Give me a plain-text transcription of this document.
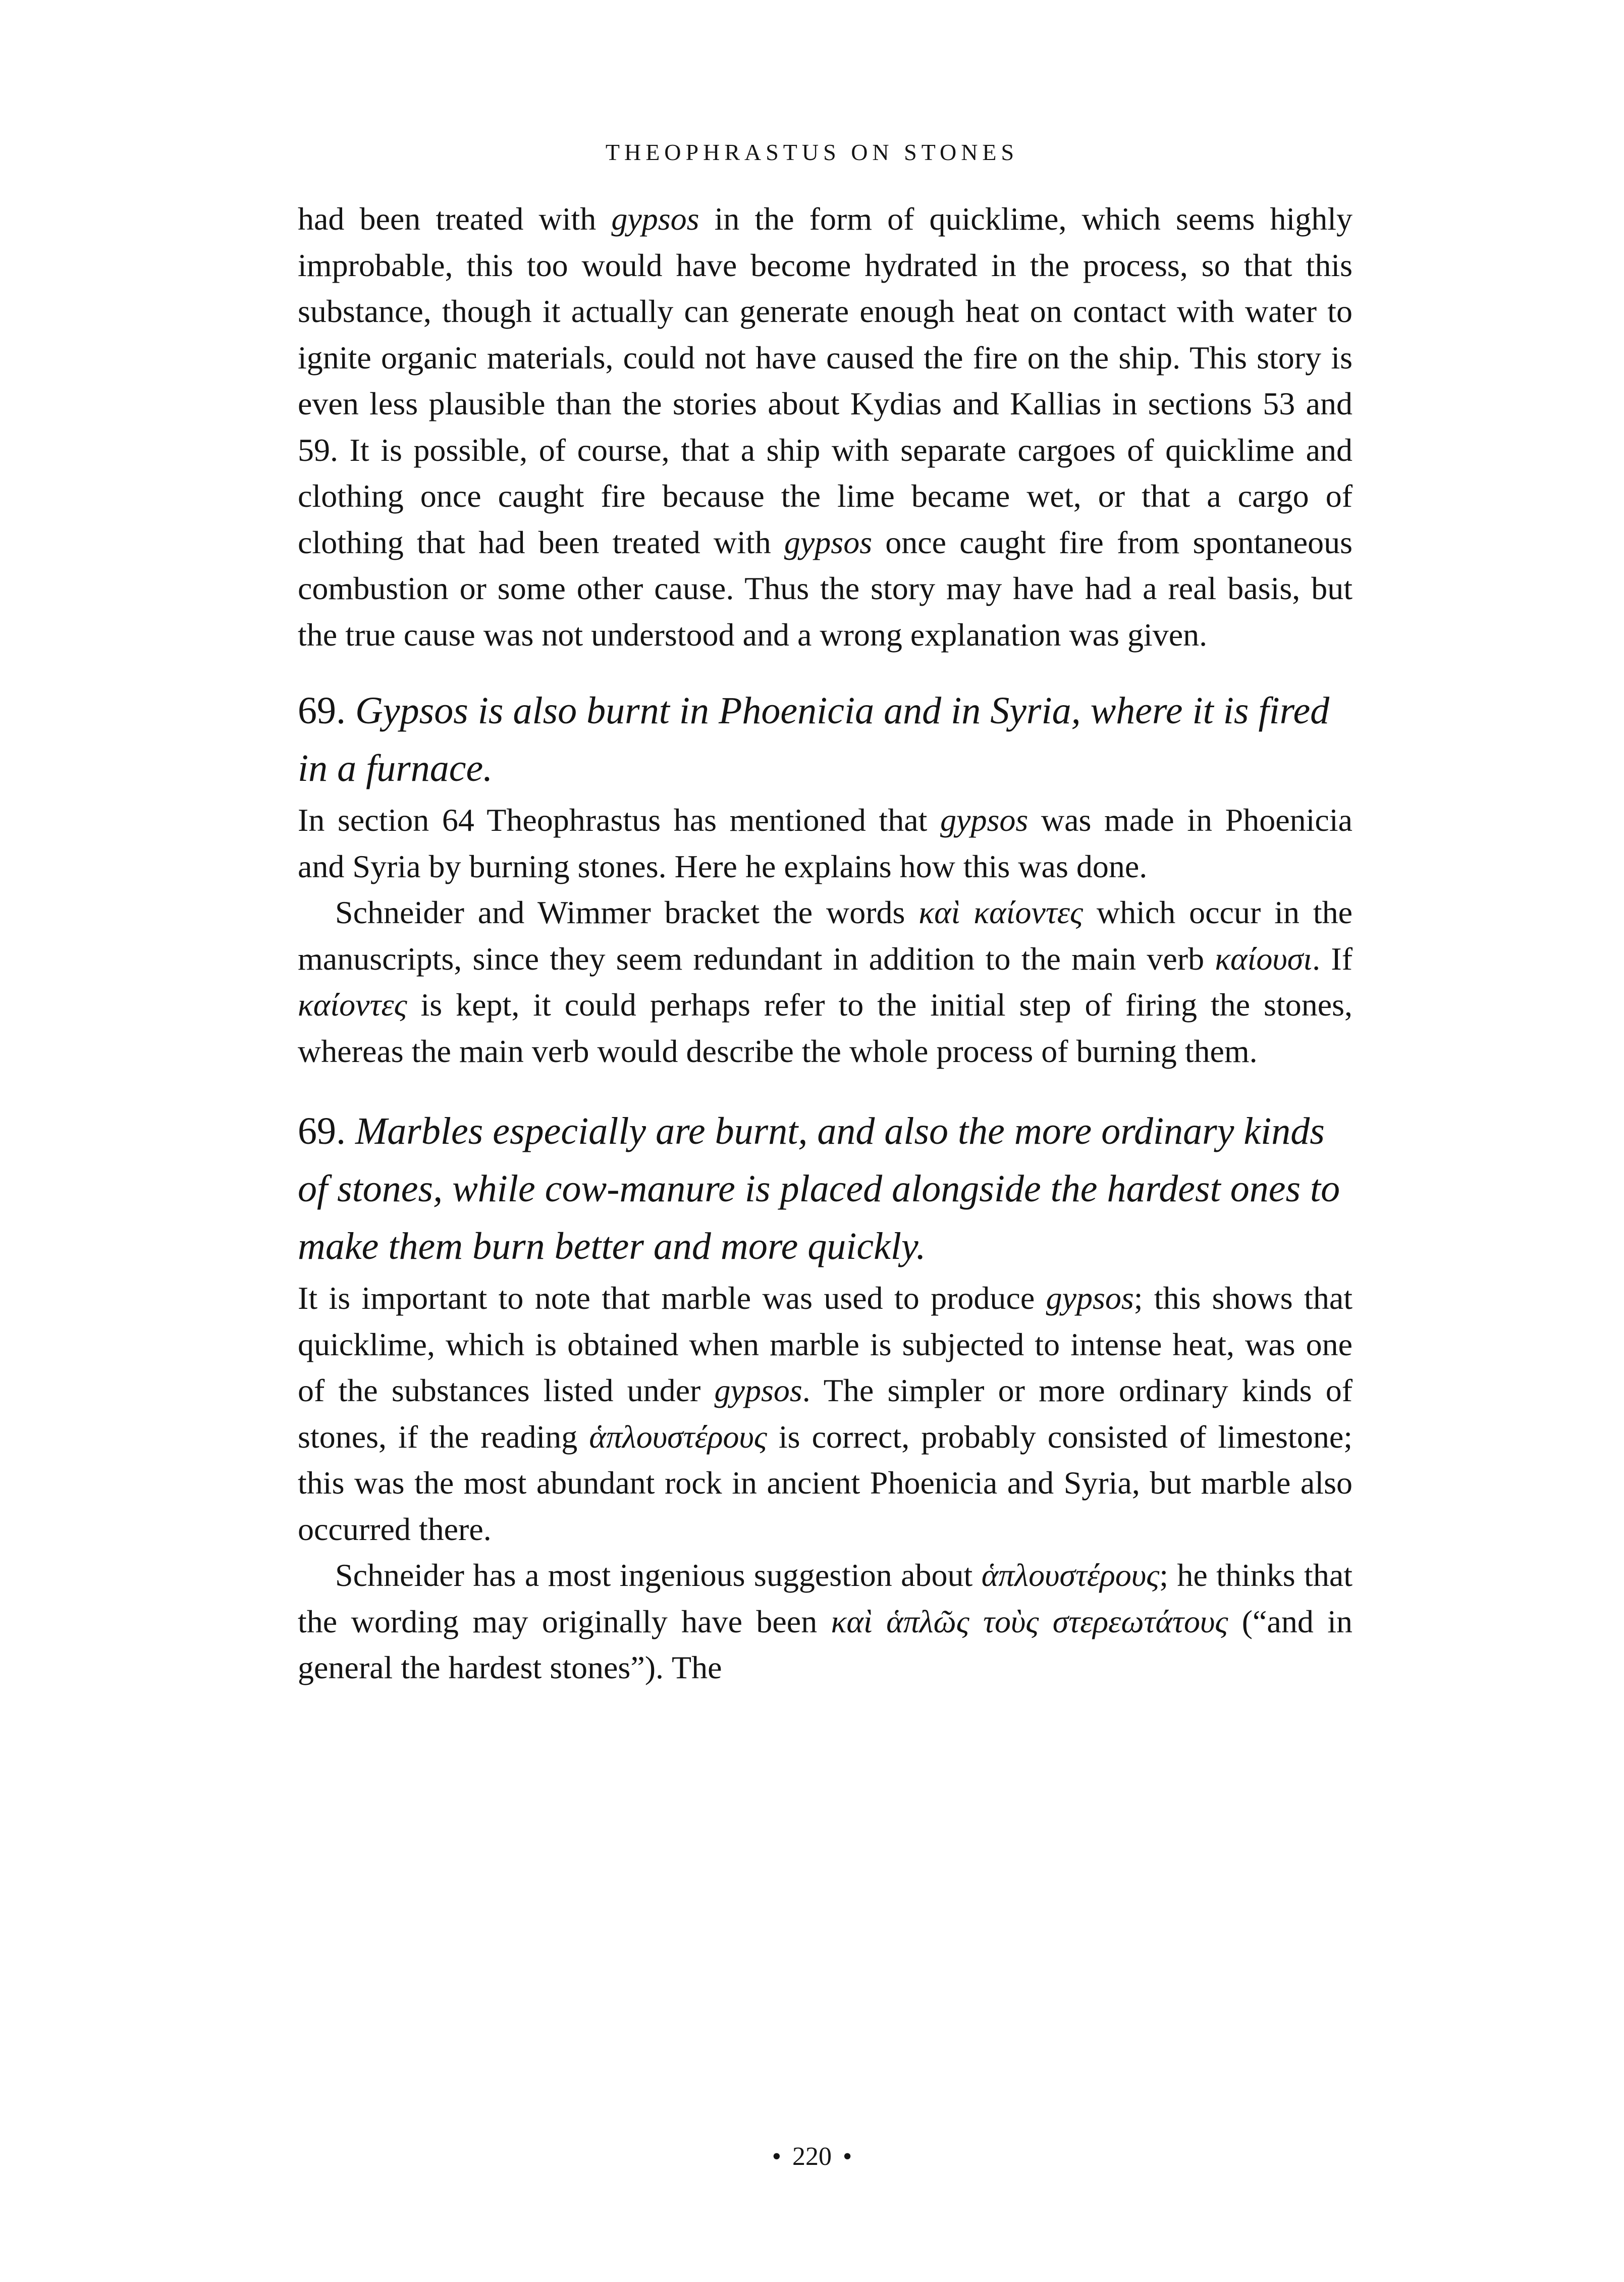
THEOPHRASTUS ON STONES

had been treated with gypsos in the form of quicklime, which seems highly improbable, this too would have become hydrated in the process, so that this substance, though it actually can generate enough heat on contact with water to ignite organic materials, could not have caused the fire on the ship. This story is even less plausible than the stories about Kydias and Kallias in sections 53 and 59. It is possible, of course, that a ship with separate cargoes of quicklime and clothing once caught fire because the lime became wet, or that a cargo of clothing that had been treated with gypsos once caught fire from spontaneous combustion or some other cause. Thus the story may have had a real basis, but the true cause was not understood and a wrong explanation was given.

69. Gypsos is also burnt in Phoenicia and in Syria, where it is fired in a furnace.

In section 64 Theophrastus has mentioned that gypsos was made in Phoenicia and Syria by burning stones. Here he explains how this was done.

Schneider and Wimmer bracket the words καὶ καίοντες which occur in the manuscripts, since they seem redundant in addition to the main verb καίουσι. If καίοντες is kept, it could perhaps refer to the initial step of firing the stones, whereas the main verb would describe the whole process of burning them.

69. Marbles especially are burnt, and also the more ordinary kinds of stones, while cow-manure is placed alongside the hardest ones to make them burn better and more quickly.

It is important to note that marble was used to produce gypsos; this shows that quicklime, which is obtained when marble is subjected to intense heat, was one of the substances listed under gypsos. The simpler or more ordinary kinds of stones, if the reading ἁπλουστέρους is correct, probably consisted of limestone; this was the most abundant rock in ancient Phoenicia and Syria, but marble also occurred there.

Schneider has a most ingenious suggestion about ἁπλουστέρους; he thinks that the wording may originally have been καὶ ἁπλῶς τοὺς στερεωτάτους (“and in general the hardest stones”). The

• 220 •
